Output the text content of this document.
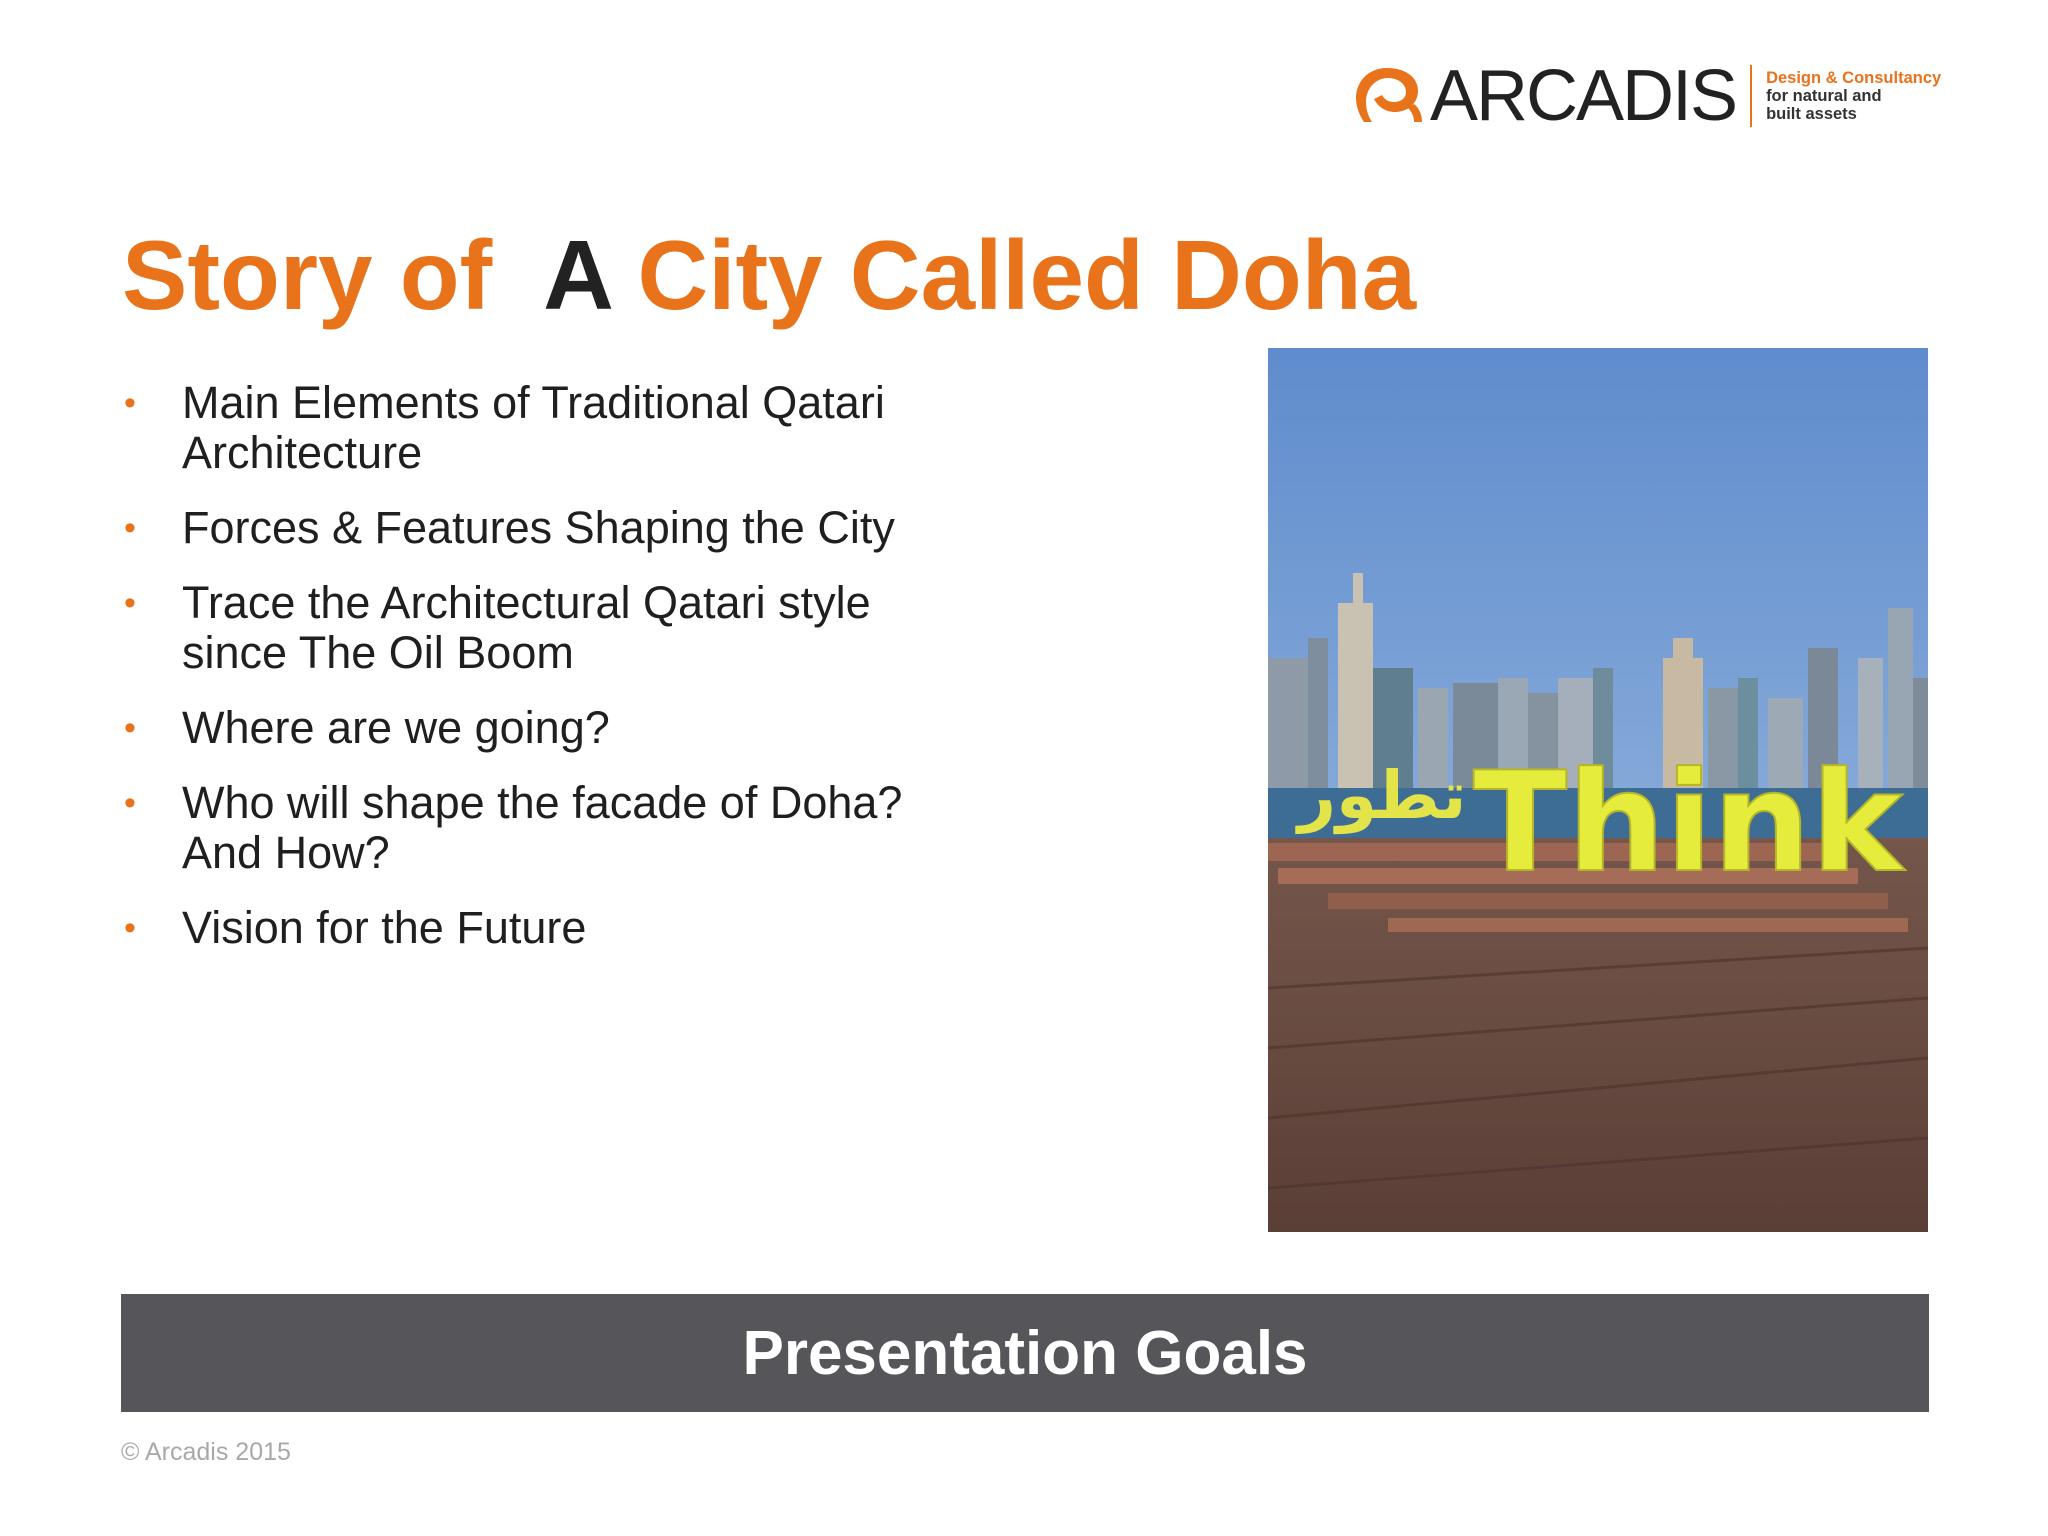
ARCADIS Design & Consultancy
for natural and
built assets
Story of A City Called Doha
• Main Elements of Traditional Qatari Architecture
• Forces & Features Shaping the City
• Trace the Architectural Qatari style since The Oil Boom
• Where are we going?
• Who will shape the facade of Doha? And How?
• Vision for the Future
تطور Think
Presentation Goals
© Arcadis 2015
